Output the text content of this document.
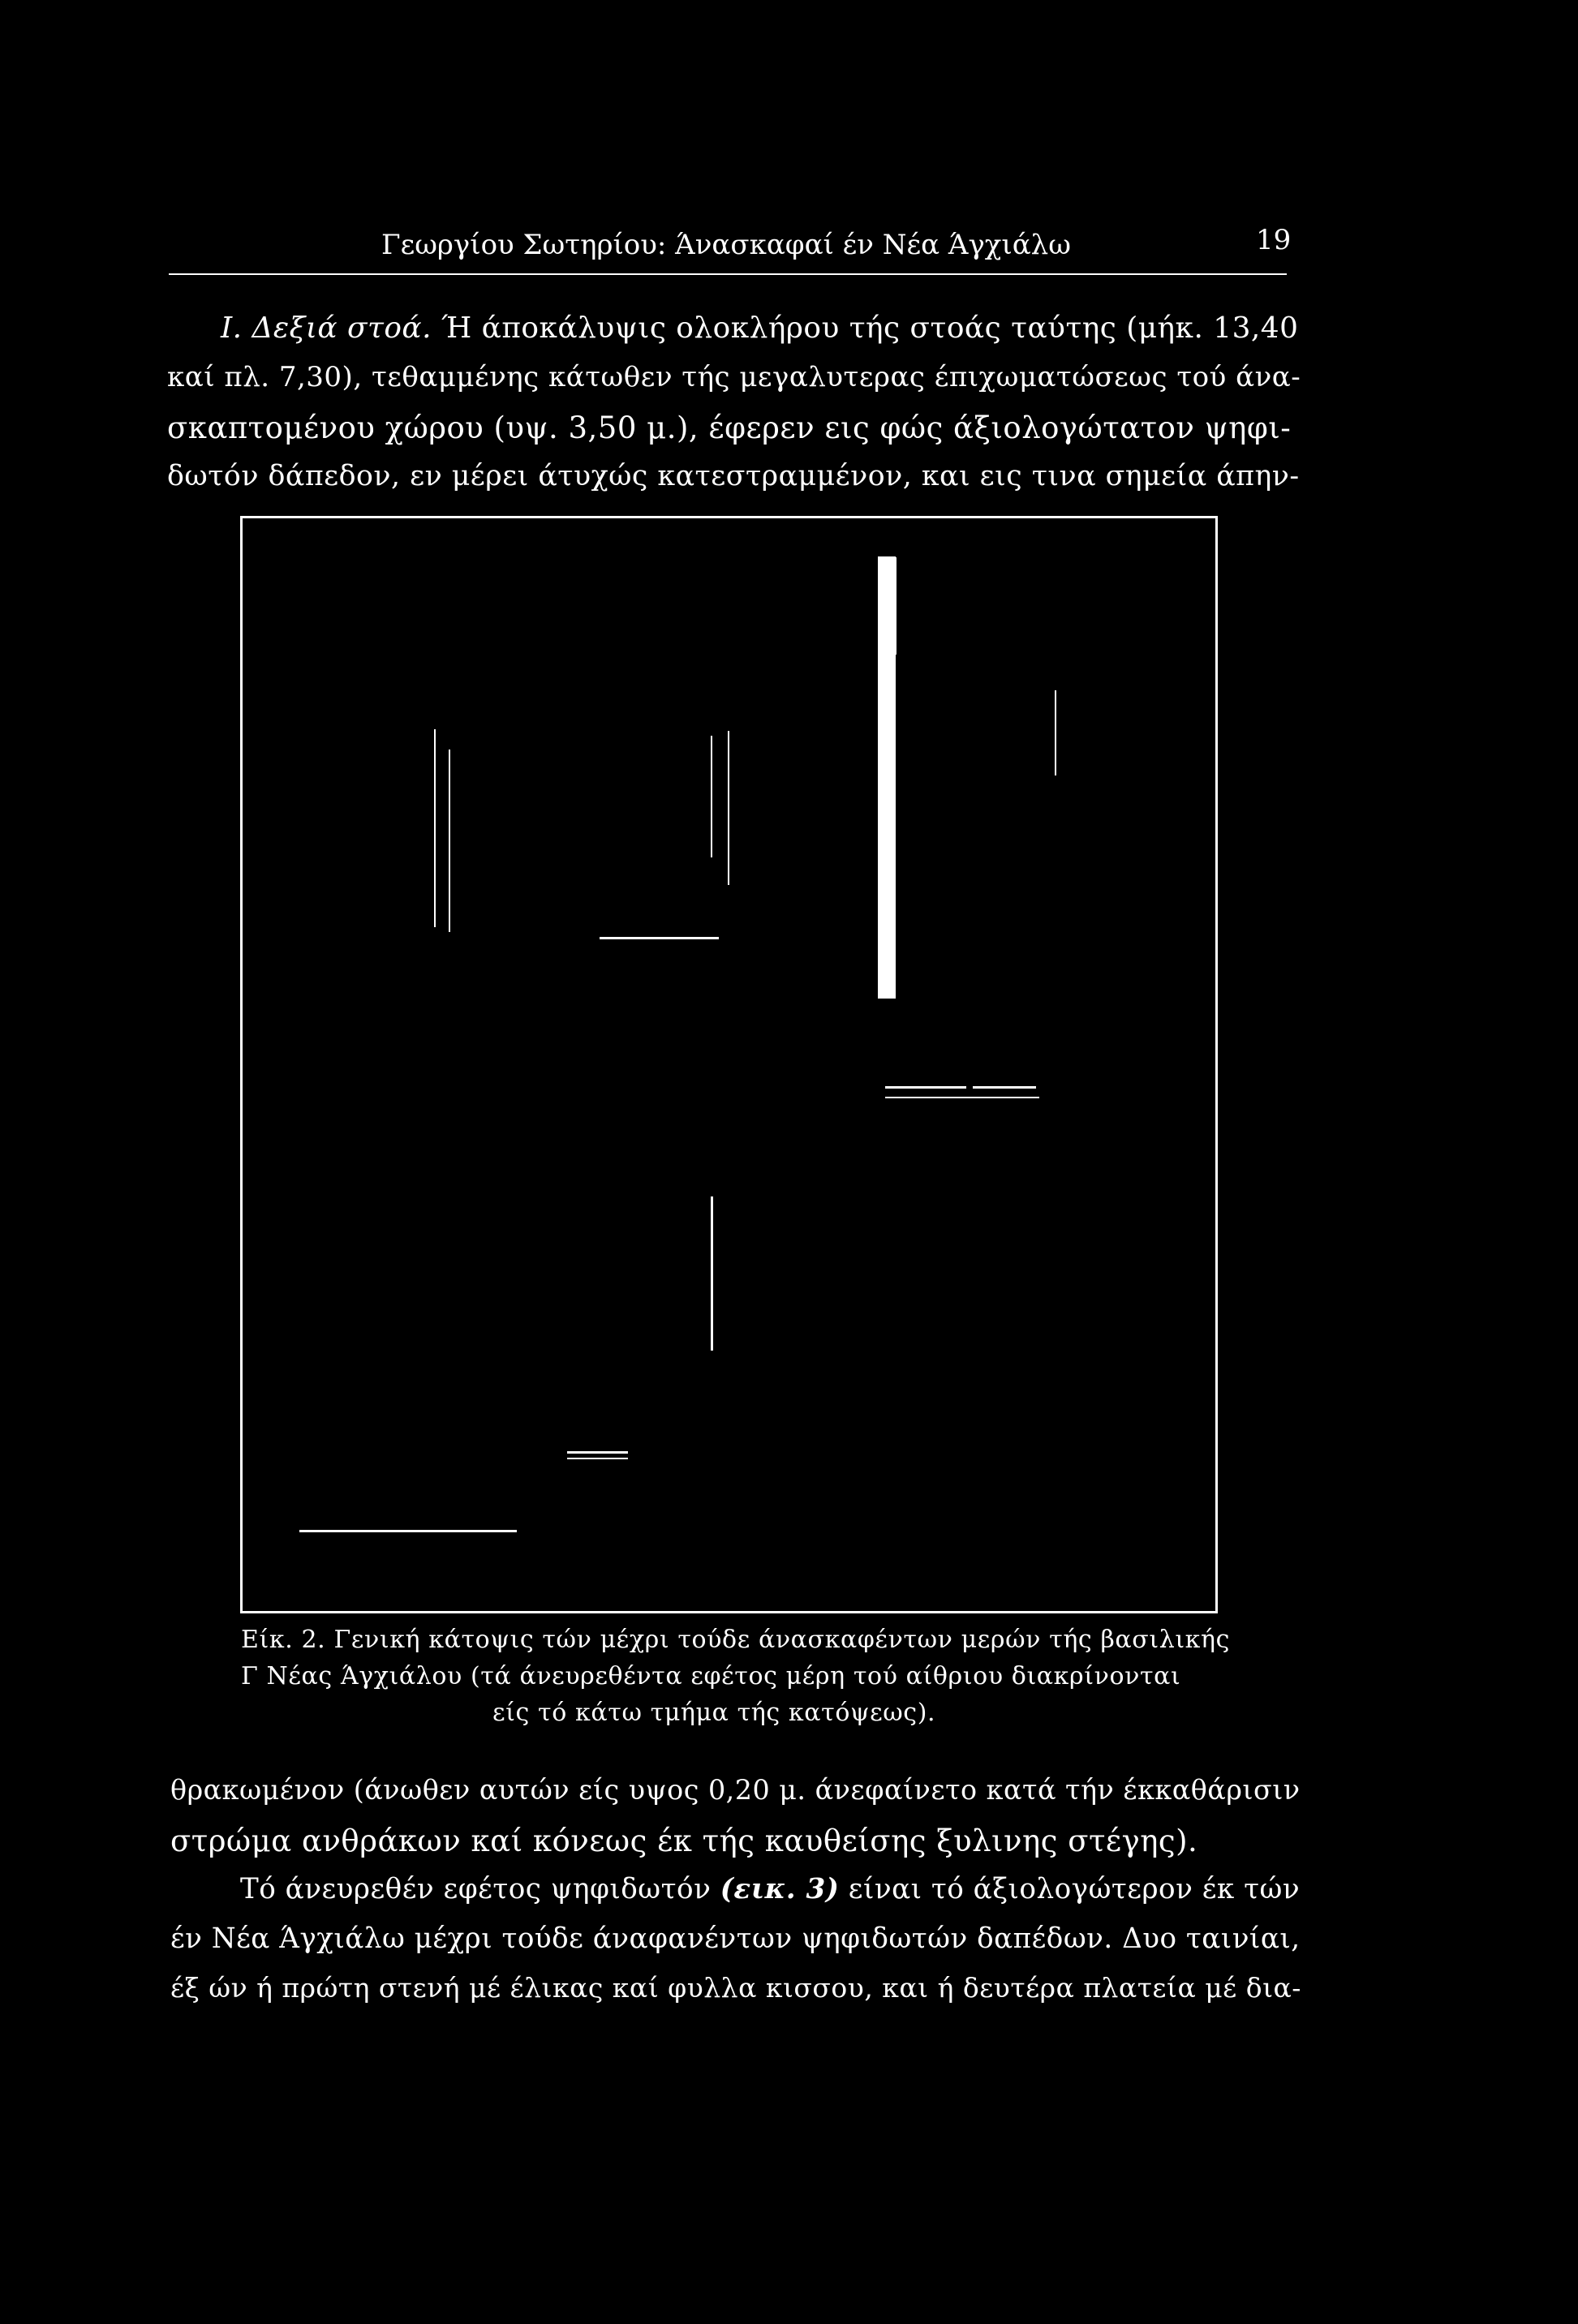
Γεωργίου Σωτηρίου: Άνασκαφαί έν Νέα Άγχιάλω	19
Ι. Δεξιά στοά. Ή άποκάλυψις ολοκλήρου τής στοάς ταύτης (μήκ. 13,40
καί πλ. 7,30), τεθαμμένης κάτωθεν τής μεγαλυτερας έπιχωματώσεως τού άνα-
σκαπτομένου χώρου (υψ. 3,50 μ.), έφερεν εις φώς άξιολογώτατον ψηφι-
δωτόν δάπεδον, εν μέρει άτυχώς κατεστραμμένον, και εις τινα σημεία άπην-
Είκ. 2. Γενική κάτοψις τών μέχρι τούδε άνασκαφέντων μερών τής βασιλικής
Γ Νέας Άγχιάλου (τά άνευρεθέντα εφέτος μέρη τού αίθριου διακρίνονται
είς τό κάτω τμήμα τής κατόψεως).
θρακωμένον (άνωθεν αυτών είς υψος 0,20 μ. άνεφαίνετο κατά τήν έκκαθάρισιν
στρώμα ανθράκων καί κόνεως έκ τής καυθείσης ξυλινης στέγης).
Τό άνευρεθέν εφέτος ψηφιδωτόν (εικ. 3) είναι τό άξιολογώτερον έκ τών
έν Νέα Άγχιάλω μέχρι τούδε άναφανέντων ψηφιδωτών δαπέδων. Δυο ταινίαι,
έξ ών ή πρώτη στενή μέ έλικας καί φυλλα κισσου, και ή δευτέρα πλατεία μέ δια-
